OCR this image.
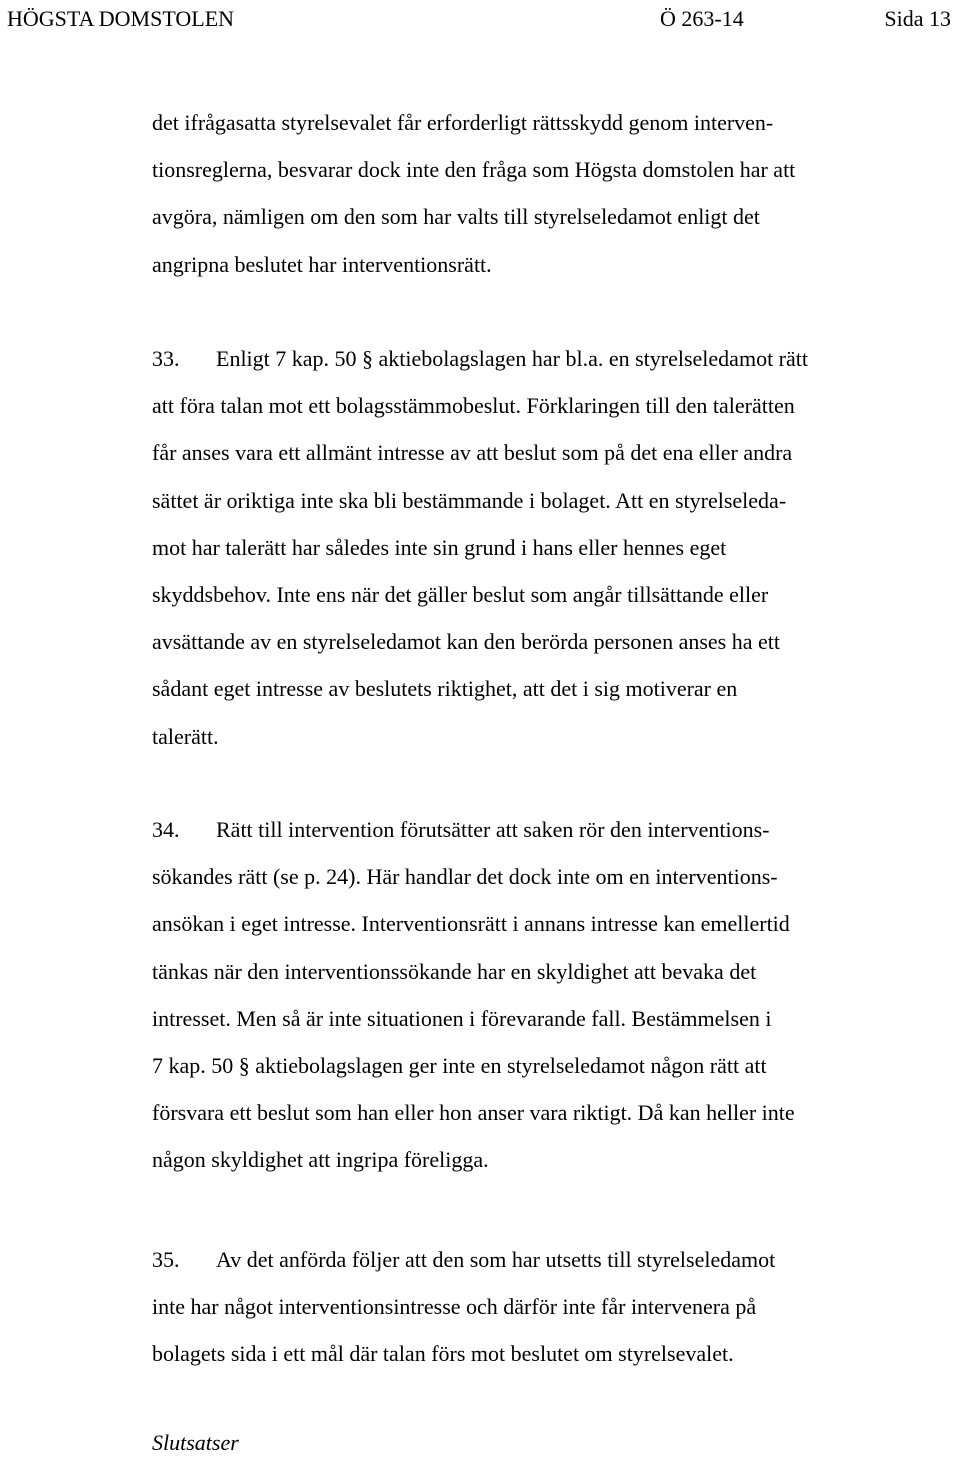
HÖGSTA DOMSTOLEN	Ö 263-14	Sida 13
det ifrågasatta styrelsevalet får erforderligt rättsskydd genom interven-
tionsreglerna, besvarar dock inte den fråga som Högsta domstolen har att
avgöra, nämligen om den som har valts till styrelseledamot enligt det
angripna beslutet har interventionsrätt.
33. Enligt 7 kap. 50 § aktiebolagslagen har bl.a. en styrelseledamot rätt
att föra talan mot ett bolagsstämmobeslut. Förklaringen till den talerätten
får anses vara ett allmänt intresse av att beslut som på det ena eller andra
sättet är oriktiga inte ska bli bestämmande i bolaget. Att en styrelseleda-
mot har talerätt har således inte sin grund i hans eller hennes eget
skyddsbehov. Inte ens när det gäller beslut som angår tillsättande eller
avsättande av en styrelseledamot kan den berörda personen anses ha ett
sådant eget intresse av beslutets riktighet, att det i sig motiverar en
talerätt.
34. Rätt till intervention förutsätter att saken rör den interventions-
sökandes rätt (se p. 24). Här handlar det dock inte om en interventions-
ansökan i eget intresse. Interventionsrätt i annans intresse kan emellertid
tänkas när den interventionssökande har en skyldighet att bevaka det
intresset. Men så är inte situationen i förevarande fall. Bestämmelsen i
7 kap. 50 § aktiebolagslagen ger inte en styrelseledamot någon rätt att
försvara ett beslut som han eller hon anser vara riktigt. Då kan heller inte
någon skyldighet att ingripa föreligga.
35. Av det anförda följer att den som har utsetts till styrelseledamot
inte har något interventionsintresse och därför inte får intervenera på
bolagets sida i ett mål där talan förs mot beslutet om styrelsevalet.
Slutsatser
